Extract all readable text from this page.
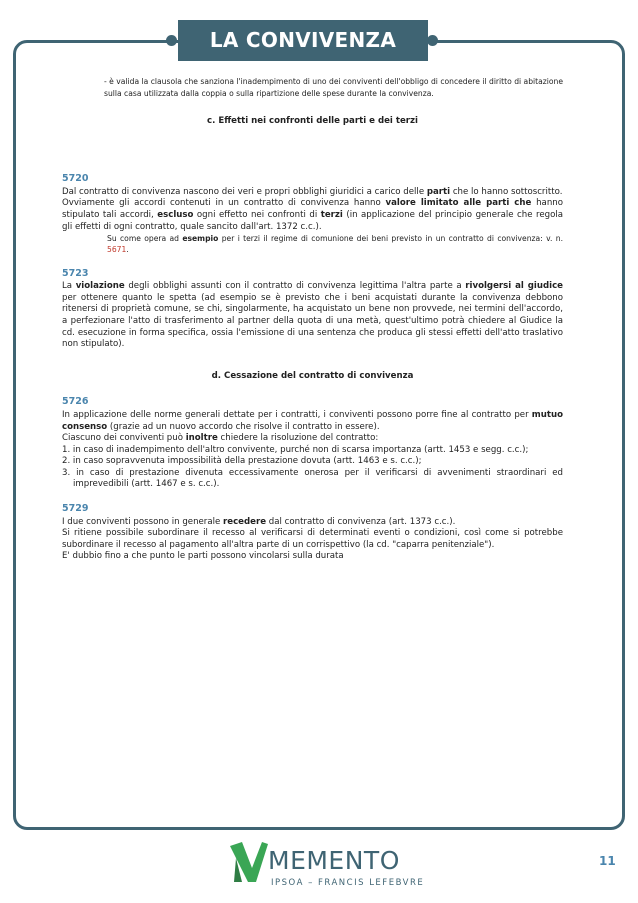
LA CONVIVENZA
- è valida la clausola che sanziona l'inadempimento di uno dei conviventi dell'obbligo di concedere il diritto di abitazione sulla casa utilizzata dalla coppia o sulla ripartizione delle spese durante la convivenza.
c. Effetti nei confronti delle parti e dei terzi
5720
Dal contratto di convivenza nascono dei veri e propri obblighi giuridici a carico delle parti che lo hanno sottoscritto.
Ovviamente gli accordi contenuti in un contratto di convivenza hanno valore limitato alle parti che hanno stipulato tali accordi, escluso ogni effetto nei confronti di terzi (in applicazione del principio generale che regola gli effetti di ogni contratto, quale sancito dall'art. 1372 c.c.).
Su come opera ad esempio per i terzi il regime di comunione dei beni previsto in un contratto di convivenza: v. n. 5671.
5723
La violazione degli obblighi assunti con il contratto di convivenza legittima l'altra parte a rivolgersi al giudice per ottenere quanto le spetta (ad esempio se è previsto che i beni acquistati durante la convivenza debbono ritenersi di proprietà comune, se chi, singolarmente, ha acquistato un bene non provvede, nei termini dell'accordo, a perfezionare l'atto di trasferimento al partner della quota di una metà, quest'ultimo potrà chiedere al Giudice la cd. esecuzione in forma specifica, ossia l'emissione di una sentenza che produca gli stessi effetti dell'atto traslativo non stipulato).
d. Cessazione del contratto di convivenza
5726
In applicazione delle norme generali dettate per i contratti, i conviventi possono porre fine al contratto per mutuo consenso (grazie ad un nuovo accordo che risolve il contratto in essere).
Ciascuno dei conviventi può inoltre chiedere la risoluzione del contratto:
1. in caso di inadempimento dell'altro convivente, purché non di scarsa importanza (artt. 1453 e segg. c.c.);
2. in caso sopravvenuta impossibilità della prestazione dovuta (artt. 1463 e s. c.c.);
3. in caso di prestazione divenuta eccessivamente onerosa per il verificarsi di avvenimenti straordinari ed imprevedibili (artt. 1467 e s. c.c.).
5729
I due conviventi possono in generale recedere dal contratto di convivenza (art. 1373 c.c.).
Si ritiene possibile subordinare il recesso al verificarsi di determinati eventi o condizioni, così come si potrebbe subordinare il recesso al pagamento all'altra parte di un corrispettivo (la cd. "caparra penitenziale").
E' dubbio fino a che punto le parti possono vincolarsi sulla durata
MEMENTO
IPSOA – FRANCIS LEFEBVRE
11
